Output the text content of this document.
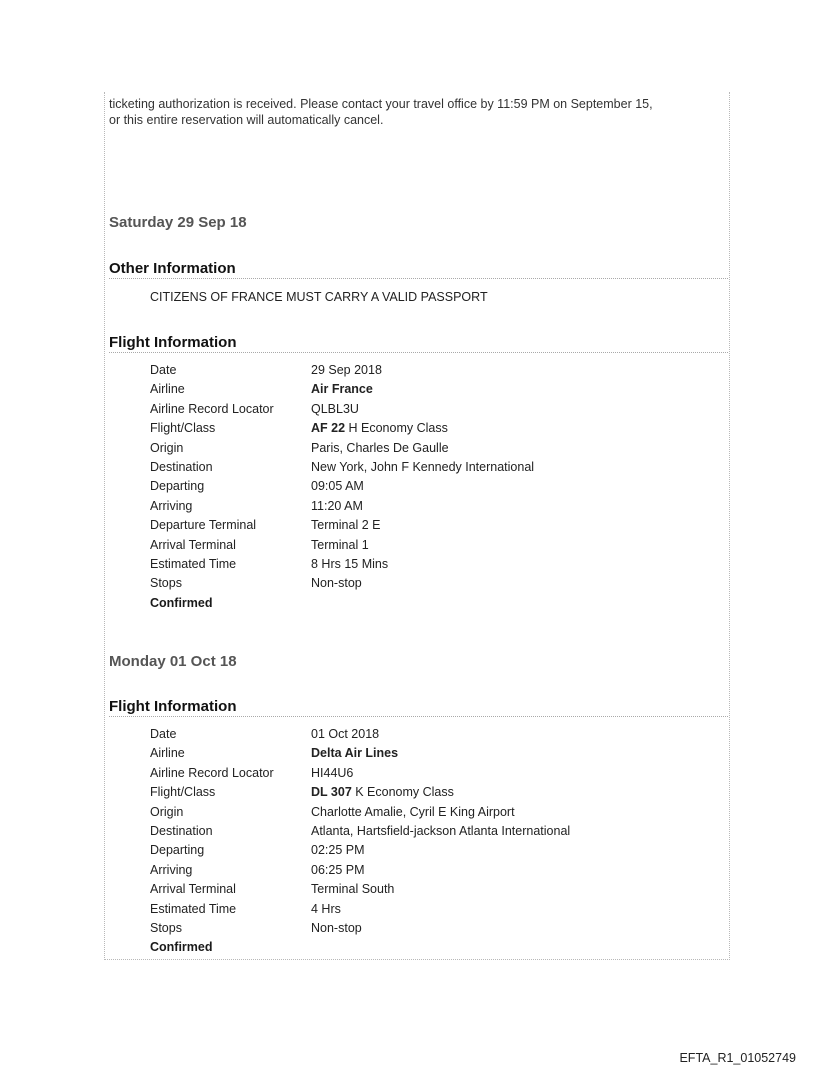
ticketing authorization is received. Please contact your travel office by 11:59 PM on September 15,
or this entire reservation will automatically cancel.
Saturday 29 Sep 18
Other Information
CITIZENS OF FRANCE MUST CARRY A VALID PASSPORT
Flight Information
Date	29 Sep 2018
Airline	Air France
Airline Record Locator	QLBL3U
Flight/Class	AF 22 H Economy Class
Origin	Paris, Charles De Gaulle
Destination	New York, John F Kennedy International
Departing	09:05 AM
Arriving	11:20 AM
Departure Terminal	Terminal 2 E
Arrival Terminal	Terminal 1
Estimated Time	8 Hrs 15 Mins
Stops	Non-stop
Confirmed
Monday 01 Oct 18
Flight Information
Date	01 Oct 2018
Airline	Delta Air Lines
Airline Record Locator	HI44U6
Flight/Class	DL 307 K Economy Class
Origin	Charlotte Amalie, Cyril E King Airport
Destination	Atlanta, Hartsfield-jackson Atlanta International
Departing	02:25 PM
Arriving	06:25 PM
Arrival Terminal	Terminal South
Estimated Time	4 Hrs
Stops	Non-stop
Confirmed
EFTA_R1_01052749
